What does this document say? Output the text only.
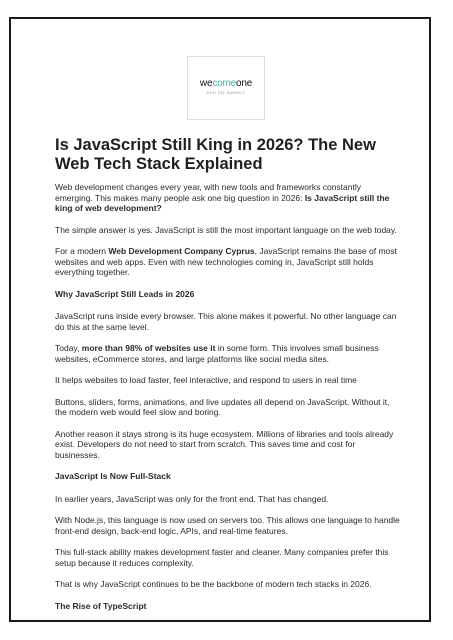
wecomeone
DIGI TAL AGENCY
Is JavaScript Still King in 2026? The New Web Tech Stack Explained

Web development changes every year, with new tools and frameworks constantly emerging. This makes many people ask one big question in 2026: Is JavaScript still the king of web development?

The simple answer is yes. JavaScript is still the most important language on the web today.

For a modern Web Development Company Cyprus, JavaScript remains the base of most websites and web apps. Even with new technologies coming in, JavaScript still holds everything together.

Why JavaScript Still Leads in 2026

JavaScript runs inside every browser. This alone makes it powerful. No other language can do this at the same level.

Today, more than 98% of websites use it in some form. This involves small business websites, eCommerce stores, and large platforms like social media sites.

It helps websites to load faster, feel interactive, and respond to users in real time

Buttons, sliders, forms, animations, and live updates all depend on JavaScript. Without it, the modern web would feel slow and boring.

Another reason it stays strong is its huge ecosystem. Millions of libraries and tools already exist. Developers do not need to start from scratch. This saves time and cost for businesses.

JavaScript Is Now Full-Stack

In earlier years, JavaScript was only for the front end. That has changed.

With Node.js, this language is now used on servers too. This allows one language to handle front-end design, back-end logic, APIs, and real-time features.

This full-stack ability makes development faster and cleaner. Many companies prefer this setup because it reduces complexity.

That is why JavaScript continues to be the backbone of modern tech stacks in 2026.

The Rise of TypeScript
